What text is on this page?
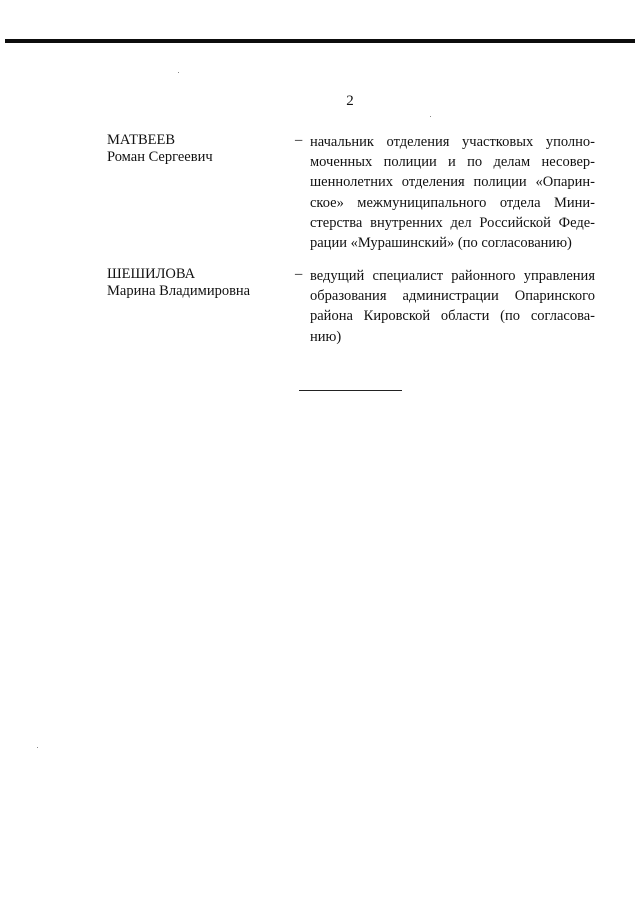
2
МАТВЕЕВ
Роман Сергеевич
– начальник отделения участковых уполно-
моченных полиции и по делам несовер-
шеннолетних отделения полиции «Опарин-
ское» межмуниципального отдела Мини-
стерства внутренних дел Российской Феде-
рации «Мурашинский» (по согласованию)
ШЕШИЛОВА
Марина Владимировна
– ведущий специалист районного управления
образования администрации Опаринского
района Кировской области (по согласова-
нию)
